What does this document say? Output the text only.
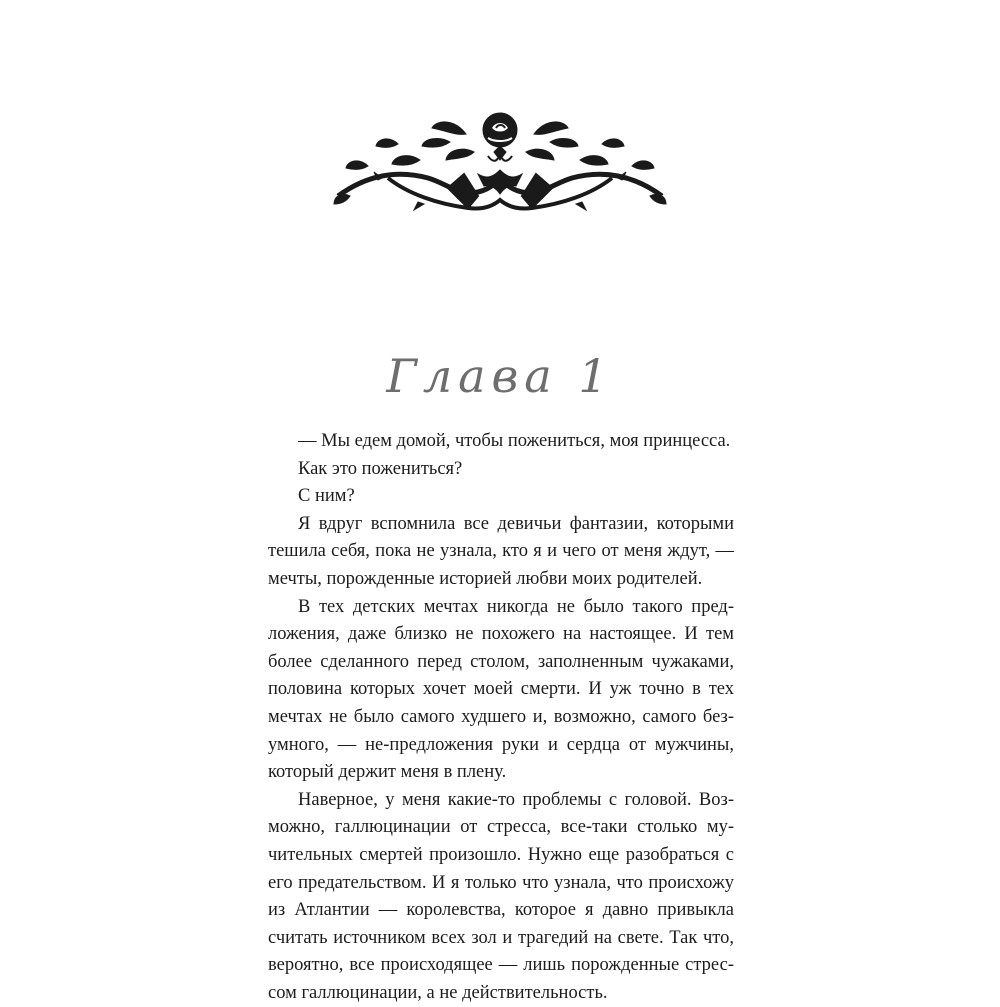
Глава 1

— Мы едем домой, чтобы пожениться, моя принцесса.

Как это пожениться?

С ним?

Я вдруг вспомнила все девичьи фантазии, которыми тешила себя, пока не узнала, кто я и чего от меня ждут, — мечты, порожденные историей любви моих родителей.

В тех детских мечтах никогда не было такого предложения, даже близко не похожего на настоящее. И тем более сделанного перед столом, заполненным чужаками, половина которых хочет моей смерти. И уж точно в тех мечтах не было самого худшего и, возможно, самого безумного, — не-предложения руки и сердца от мужчины, который держит меня в плену.

Наверное, у меня какие-то проблемы с головой. Возможно, галлюцинации от стресса, все-таки столько мучительных смертей произошло. Нужно еще разобраться с его предательством. И я только что узнала, что происхожу из Атлантии — королевства, которое я давно привыкла считать источником всех зол и трагедий на свете. Так что, вероятно, все происходящее — лишь порожденные стрессом галлюцинации, а не действительность.
